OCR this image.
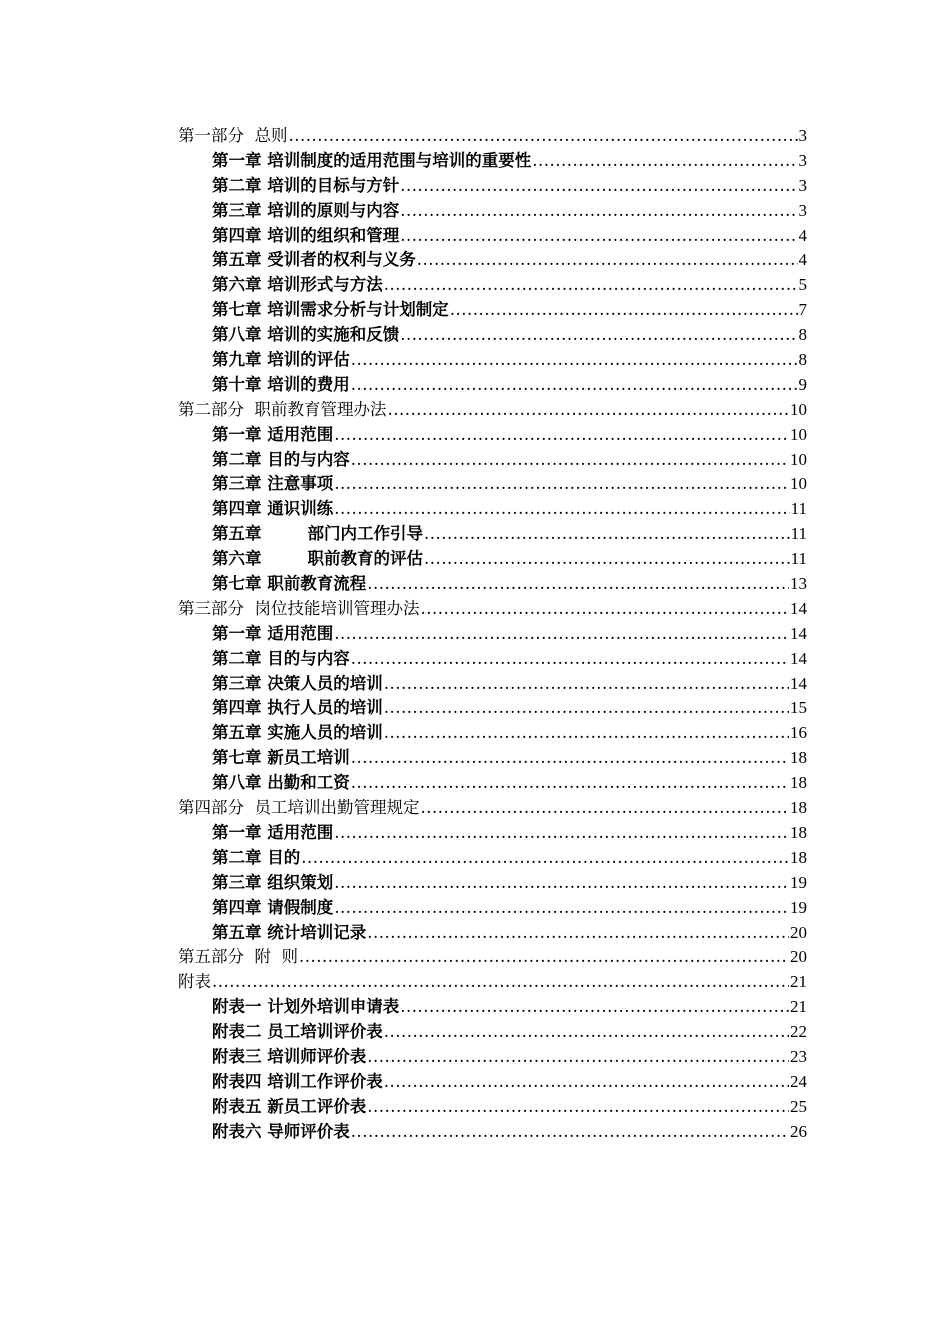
第一部分  总则 .....	3
第一章 培训制度的适用范围与培训的重要性 .....	3
第二章 培训的目标与方针 .....	3
第三章 培训的原则与内容 .....	3
第四章 培训的组织和管理 .....	4
第五章 受训者的权利与义务 .....	4
第六章 培训形式与方法 .....	5
第七章 培训需求分析与计划制定 .....	7
第八章 培训的实施和反馈 .....	8
第九章 培训的评估 .....	8
第十章 培训的费用 .....	9
第二部分  职前教育管理办法 .....	10
第一章 适用范围 .....	10
第二章 目的与内容 .....	10
第三章 注意事项 .....	10
第四章 通识训练 .....	11
第五章        部门内工作引导 .....	11
第六章        职前教育的评估 .....	11
第七章 职前教育流程 .....	13
第三部分  岗位技能培训管理办法 .....	14
第一章 适用范围 .....	14
第二章 目的与内容 .....	14
第三章 决策人员的培训 .....	14
第四章 执行人员的培训 .....	15
第五章 实施人员的培训 .....	16
第七章 新员工培训 .....	18
第八章 出勤和工资 .....	18
第四部分  员工培训出勤管理规定 .....	18
第一章 适用范围 .....	18
第二章 目的 .....	18
第三章 组织策划 .....	19
第四章 请假制度 .....	19
第五章 统计培训记录 .....	20
第五部分  附  则 .....	20
附表 .....	21
附表一 计划外培训申请表 .....	21
附表二 员工培训评价表 .....	22
附表三 培训师评价表 .....	23
附表四 培训工作评价表 .....	24
附表五 新员工评价表 .....	25
附表六 导师评价表 .....	26
